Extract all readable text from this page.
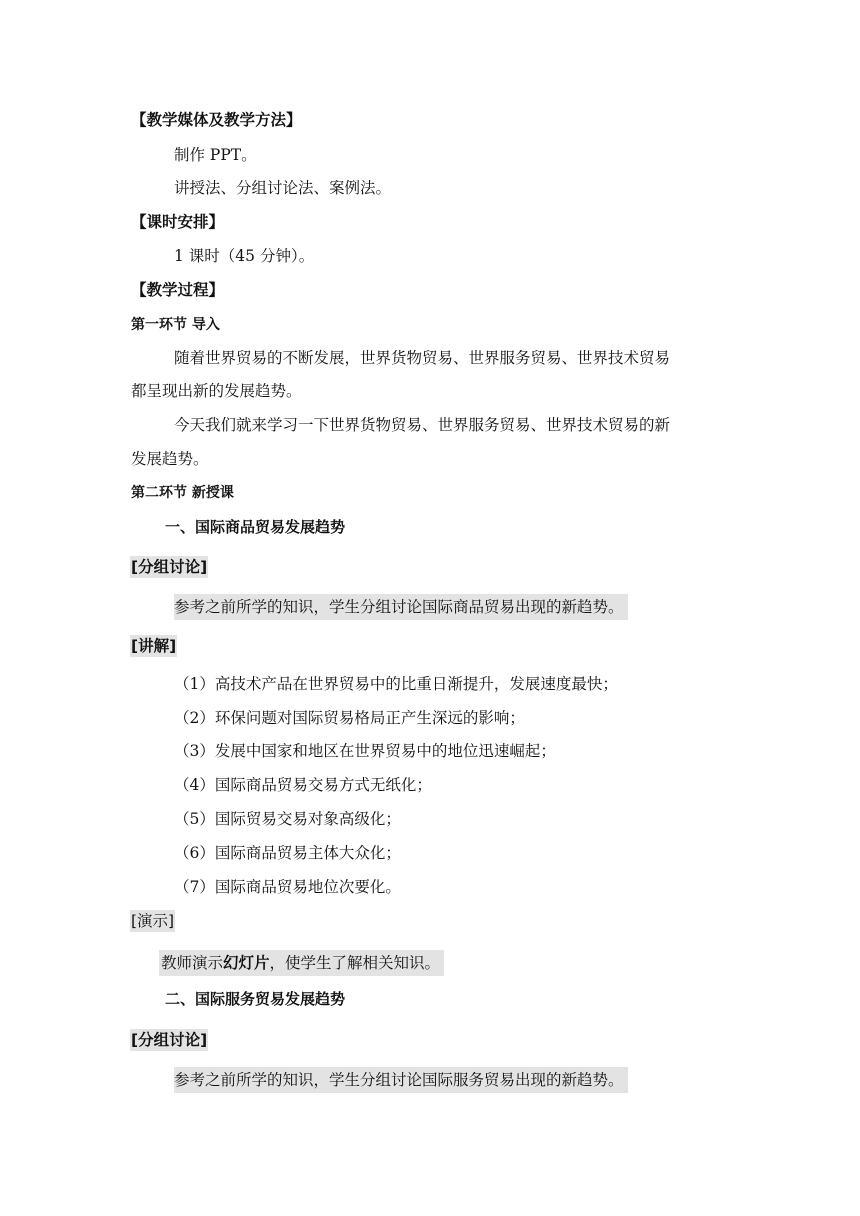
【教学媒体及教学方法】
制作 PPT。
讲授法、分组讨论法、案例法。
【课时安排】
1 课时（45 分钟）。
【教学过程】
第一环节 导入
随着世界贸易的不断发展，世界货物贸易、世界服务贸易、世界技术贸易
都呈现出新的发展趋势。
今天我们就来学习一下世界货物贸易、世界服务贸易、世界技术贸易的新
发展趋势。
第二环节 新授课
一、国际商品贸易发展趋势
[分组讨论]
参考之前所学的知识，学生分组讨论国际商品贸易出现的新趋势。
[讲解]
（1）高技术产品在世界贸易中的比重日渐提升，发展速度最快；
（2）环保问题对国际贸易格局正产生深远的影响；
（3）发展中国家和地区在世界贸易中的地位迅速崛起；
（4）国际商品贸易交易方式无纸化；
（5）国际贸易交易对象高级化；
（6）国际商品贸易主体大众化；
（7）国际商品贸易地位次要化。
[演示]
教师演示幻灯片，使学生了解相关知识。
二、国际服务贸易发展趋势
[分组讨论]
参考之前所学的知识，学生分组讨论国际服务贸易出现的新趋势。
